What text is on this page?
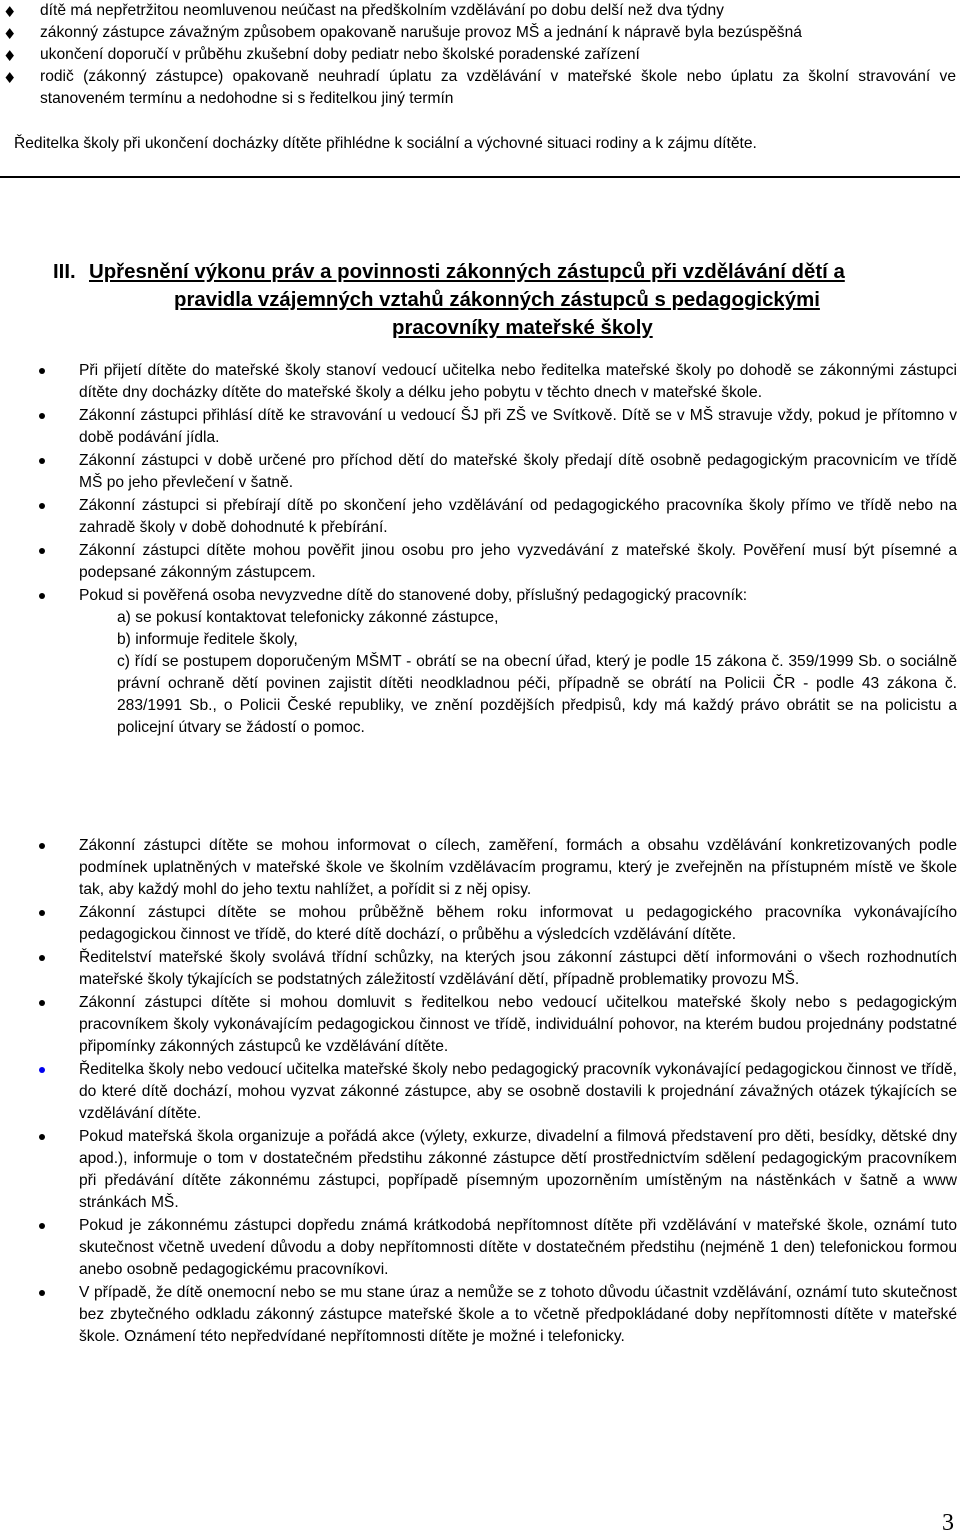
♦ dítě má nepřetržitou neomluvenou neúčast na předškolním vzdělávání po dobu delší než dva týdny
♦ zákonný zástupce závažným způsobem opakovaně narušuje provoz MŠ a jednání k nápravě byla bezúspěšná
♦ ukončení doporučí v průběhu zkušební doby pediatr nebo školské poradenské zařízení
♦ rodič (zákonný zástupce) opakovaně neuhradí úplatu za vzdělávání v mateřské škole nebo úplatu za školní stravování ve stanoveném termínu a nedohodne si s ředitelkou jiný termín
Ředitelka školy při ukončení docházky dítěte přihlédne k sociální a výchovné situaci rodiny a k zájmu dítěte.
III. Upřesnění výkonu práv a povinnosti zákonných zástupců při vzdělávání dětí a
pravidla vzájemných vztahů zákonných zástupců s pedagogickými
pracovníky mateřské školy
Při přijetí dítěte do mateřské školy stanoví vedoucí učitelka nebo ředitelka mateřské školy po dohodě se zákonnými zástupci dítěte dny docházky dítěte do mateřské školy a délku jeho pobytu v těchto dnech v mateřské škole.
Zákonní zástupci přihlásí dítě ke stravování u vedoucí ŠJ při ZŠ ve Svítkově. Dítě se v MŠ stravuje vždy, pokud je přítomno v době podávání jídla.
Zákonní zástupci v době určené pro příchod dětí do mateřské školy předají dítě osobně pedagogickým pracovnicím ve třídě MŠ po jeho převlečení v šatně.
Zákonní zástupci si přebírají dítě po skončení jeho vzdělávání od pedagogického pracovníka školy přímo ve třídě nebo na zahradě školy v době dohodnuté k přebírání.
Zákonní zástupci dítěte mohou pověřit jinou osobu pro jeho vyzvedávání z mateřské školy. Pověření musí být písemné a podepsané zákonným zástupcem.
Pokud si pověřená osoba nevyzvedne dítě do stanovené doby, příslušný pedagogický pracovník:
a) se pokusí kontaktovat telefonicky zákonné zástupce,
b) informuje ředitele školy,
c) řídí se postupem doporučeným MŠMT - obrátí se na obecní úřad, který je podle 15 zákona č. 359/1999 Sb. o sociálně právní ochraně dětí povinen zajistit dítěti neodkladnou péči, případně se obrátí na Policii ČR - podle 43 zákona č. 283/1991 Sb., o Policii České republiky, ve znění pozdějších předpisů, kdy má každý právo obrátit se na policistu a policejní útvary se žádostí o pomoc.
Zákonní zástupci dítěte se mohou informovat o cílech, zaměření, formách a obsahu vzdělávání konkretizovaných podle podmínek uplatněných v mateřské škole ve školním vzdělávacím programu, který je zveřejněn na přístupném místě ve škole tak, aby každý mohl do jeho textu nahlížet, a pořídit si z něj opisy.
Zákonní zástupci dítěte se mohou průběžně během roku informovat u pedagogického pracovníka vykonávajícího pedagogickou činnost ve třídě, do které dítě dochází, o průběhu a výsledcích vzdělávání dítěte.
Ředitelství mateřské školy svolává třídní schůzky, na kterých jsou zákonní zástupci dětí informováni o všech rozhodnutích mateřské školy týkajících se podstatných záležitostí vzdělávání dětí, případně problematiky provozu MŠ.
Zákonní zástupci dítěte si mohou domluvit s ředitelkou nebo vedoucí učitelkou mateřské školy nebo s pedagogickým pracovníkem školy vykonávajícím pedagogickou činnost ve třídě, individuální pohovor, na kterém budou projednány podstatné připomínky zákonných zástupců ke vzdělávání dítěte.
Ředitelka školy nebo vedoucí učitelka mateřské školy nebo pedagogický pracovník vykonávající pedagogickou činnost ve třídě, do které dítě dochází, mohou vyzvat zákonné zástupce, aby se osobně dostavili k projednání závažných otázek týkajících se vzdělávání dítěte.
Pokud mateřská škola organizuje a pořádá akce (výlety, exkurze, divadelní a filmová představení pro děti, besídky, dětské dny apod.), informuje o tom v dostatečném předstihu zákonné zástupce dětí prostřednictvím sdělení pedagogickým pracovníkem při předávání dítěte zákonnému zástupci, popřípadě písemným upozorněním umístěným na nástěnkách v šatně a www stránkách MŠ.
Pokud je zákonnému zástupci dopředu známá krátkodobá nepřítomnost dítěte při vzdělávání v mateřské škole, oznámí tuto skutečnost včetně uvedení důvodu a doby nepřítomnosti dítěte v dostatečném předstihu (nejméně 1 den) telefonickou formou anebo osobně pedagogickému pracovníkovi.
V případě, že dítě onemocní nebo se mu stane úraz a nemůže se z tohoto důvodu účastnit vzdělávání, oznámí tuto skutečnost bez zbytečného odkladu zákonný zástupce mateřské škole a to včetně předpokládané doby nepřítomnosti dítěte v mateřské škole. Oznámení této nepředvídané nepřítomnosti dítěte je možné i telefonicky.
3
